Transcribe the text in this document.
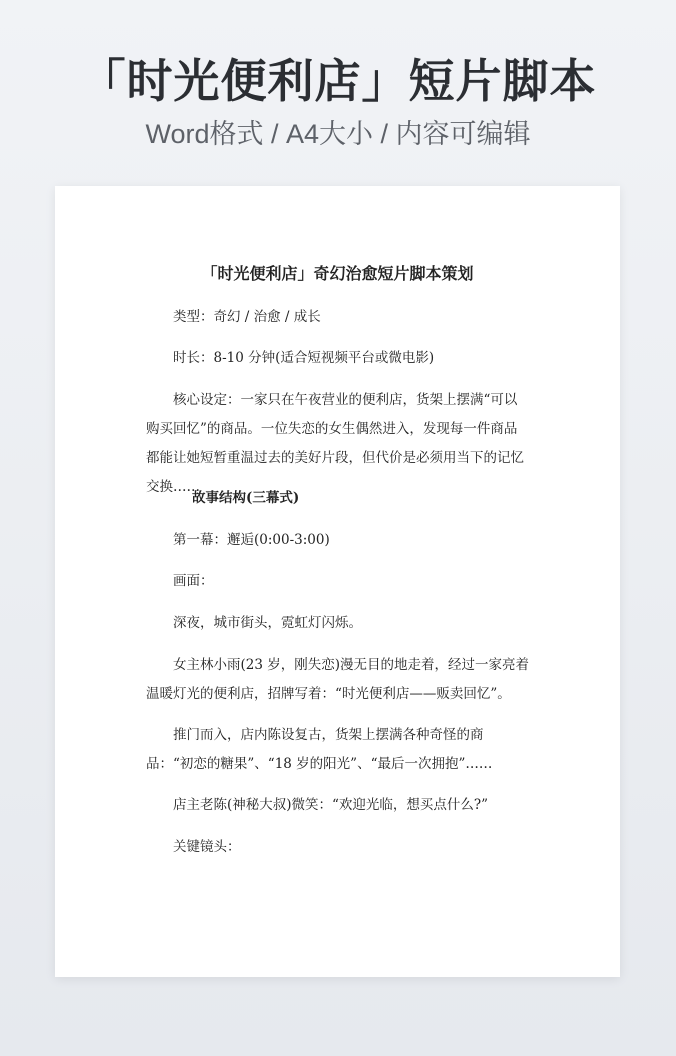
「时光便利店」短片脚本
Word格式 / A4大小 / 内容可编辑
「时光便利店」奇幻治愈短片脚本策划
类型：奇幻 / 治愈 / 成长
时长：8-10 分钟(适合短视频平台或微电影)
核心设定：一家只在午夜营业的便利店，货架上摆满“可以购买回忆”的商品。一位失恋的女生偶然进入，发现每一件商品都能让她短暂重温过去的美好片段，但代价是必须用当下的记忆交换……
故事结构(三幕式)
第一幕：邂逅(0:00-3:00)
画面：
深夜，城市街头，霓虹灯闪烁。
女主林小雨(23 岁，刚失恋)漫无目的地走着，经过一家亮着温暖灯光的便利店，招牌写着：“时光便利店——贩卖回忆”。
推门而入，店内陈设复古，货架上摆满各种奇怪的商品：“初恋的糖果”、“18 岁的阳光”、“最后一次拥抱”……
店主老陈(神秘大叔)微笑：“欢迎光临，想买点什么?”
关键镜头：
